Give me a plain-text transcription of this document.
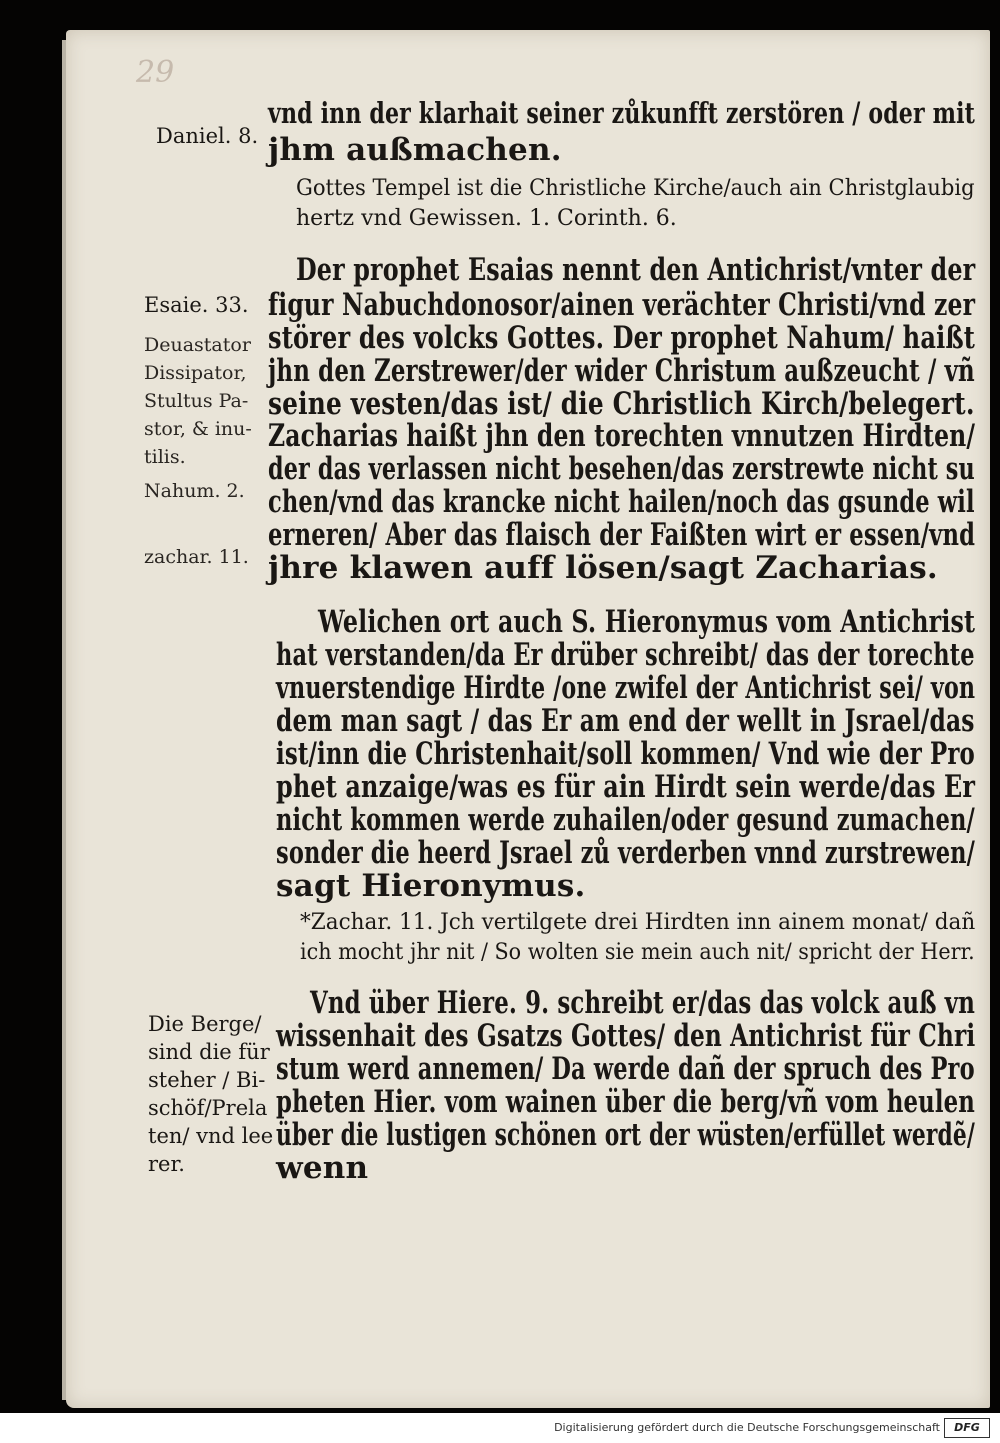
29
vnd inn der klarhait seiner zůkunfft zerstören / oder mit
jhm außmachen.
Gottes Tempel ist die Christliche Kirche/auch ain Christglaubig
hertz vnd Gewissen. 1. Corinth. 6.
Der prophet Esaias nennt den Antichrist/vnter der
figur Nabuchdonosor/ainen verächter Christi/vnd zer
störer des volcks Gottes. Der prophet Nahum/ haißt
jhn den Zerstrewer/der wider Christum außzeucht / vñ
seine vesten/das ist/ die Christlich Kirch/belegert.
Zacharias haißt jhn den torechten vnnutzen Hirdten/
der das verlassen nicht besehen/das zerstrewte nicht su
chen/vnd das krancke nicht hailen/noch das gsunde wil
erneren/ Aber das flaisch der Faißten wirt er essen/vnd
jhre klawen auff lösen/sagt Zacharias.
Welichen ort auch S. Hieronymus vom Antichrist
hat verstanden/da Er drüber schreibt/ das der torechte
vnuerstendige Hirdte /one zwifel der Antichrist sei/ von
dem man sagt / das Er am end der wellt in Jsrael/das
ist/inn die Christenhait/soll kommen/ Vnd wie der Pro
phet anzaige/was es für ain Hirdt sein werde/das Er
nicht kommen werde zuhailen/oder gesund zumachen/
sonder die heerd Jsrael zů verderben vnnd zurstrewen/
sagt Hieronymus.
*Zachar. 11. Jch vertilgete drei Hirdten inn ainem monat/ dañ
ich mocht jhr nit / So wolten sie mein auch nit/ spricht der Herr.
Vnd über Hiere. 9. schreibt er/das das volck auß vn
wissenhait des Gsatzs Gottes/ den Antichrist für Chri
stum werd annemen/ Da werde dañ der spruch des Pro
pheten Hier. vom wainen über die berg/vñ vom heulen
über die lustigen schönen ort der wüsten/erfüllet werdẽ/
wenn
Daniel. 8.
Esaie. 33.
Deuastator
Dissipator,
Stultus Pa-
stor, & inu-
tilis.
Nahum. 2.
zachar. 11.
Die Berge/
sind die für
steher / Bi-
schöf/Prela
ten/ vnd lee
rer.
Digitalisierung gefördert durch die Deutsche Forschungsgemeinschaft	DFG
